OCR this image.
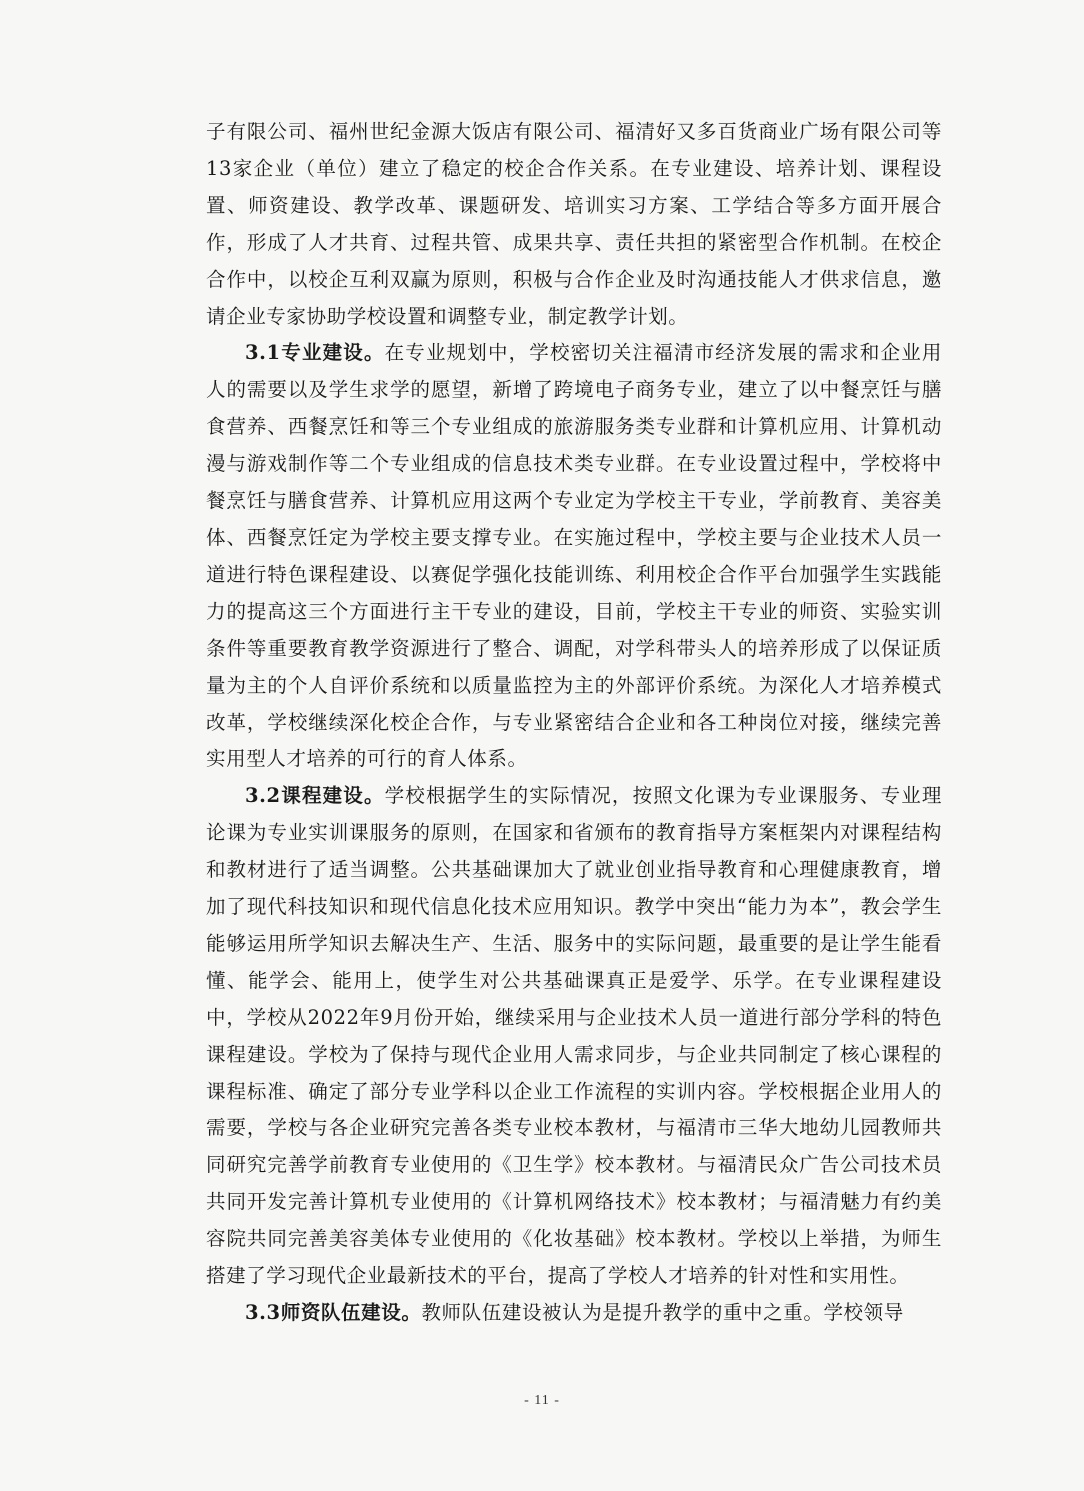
子有限公司、福州世纪金源大饭店有限公司、福清好又多百货商业广场有限公司等13家企业（单位）建立了稳定的校企合作关系。在专业建设、培养计划、课程设置、师资建设、教学改革、课题研发、培训实习方案、工学结合等多方面开展合作，形成了人才共育、过程共管、成果共享、责任共担的紧密型合作机制。在校企合作中，以校企互利双赢为原则，积极与合作企业及时沟通技能人才供求信息，邀请企业专家协助学校设置和调整专业，制定教学计划。

3.1专业建设。在专业规划中，学校密切关注福清市经济发展的需求和企业用人的需要以及学生求学的愿望，新增了跨境电子商务专业，建立了以中餐烹饪与膳食营养、西餐烹饪和等三个专业组成的旅游服务类专业群和计算机应用、计算机动漫与游戏制作等二个专业组成的信息技术类专业群。在专业设置过程中，学校将中餐烹饪与膳食营养、计算机应用这两个专业定为学校主干专业，学前教育、美容美体、西餐烹饪定为学校主要支撑专业。在实施过程中，学校主要与企业技术人员一道进行特色课程建设、以赛促学强化技能训练、利用校企合作平台加强学生实践能力的提高这三个方面进行主干专业的建设，目前，学校主干专业的师资、实验实训条件等重要教育教学资源进行了整合、调配，对学科带头人的培养形成了以保证质量为主的个人自评价系统和以质量监控为主的外部评价系统。为深化人才培养模式改革，学校继续深化校企合作，与专业紧密结合企业和各工种岗位对接，继续完善实用型人才培养的可行的育人体系。

3.2课程建设。学校根据学生的实际情况，按照文化课为专业课服务、专业理论课为专业实训课服务的原则，在国家和省颁布的教育指导方案框架内对课程结构和教材进行了适当调整。公共基础课加大了就业创业指导教育和心理健康教育，增加了现代科技知识和现代信息化技术应用知识。教学中突出“能力为本”，教会学生能够运用所学知识去解决生产、生活、服务中的实际问题，最重要的是让学生能看懂、能学会、能用上，使学生对公共基础课真正是爱学、乐学。在专业课程建设中，学校从2022年9月份开始，继续采用与企业技术人员一道进行部分学科的特色课程建设。学校为了保持与现代企业用人需求同步，与企业共同制定了核心课程的课程标准、确定了部分专业学科以企业工作流程的实训内容。学校根据企业用人的需要，学校与各企业研究完善各类专业校本教材，与福清市三华大地幼儿园教师共同研究完善学前教育专业使用的《卫生学》校本教材。与福清民众广告公司技术员共同开发完善计算机专业使用的《计算机网络技术》校本教材；与福清魅力有约美容院共同完善美容美体专业使用的《化妆基础》校本教材。学校以上举措，为师生搭建了学习现代企业最新技术的平台，提高了学校人才培养的针对性和实用性。

3.3师资队伍建设。教师队伍建设被认为是提升教学的重中之重。学校领导

- 11 -
